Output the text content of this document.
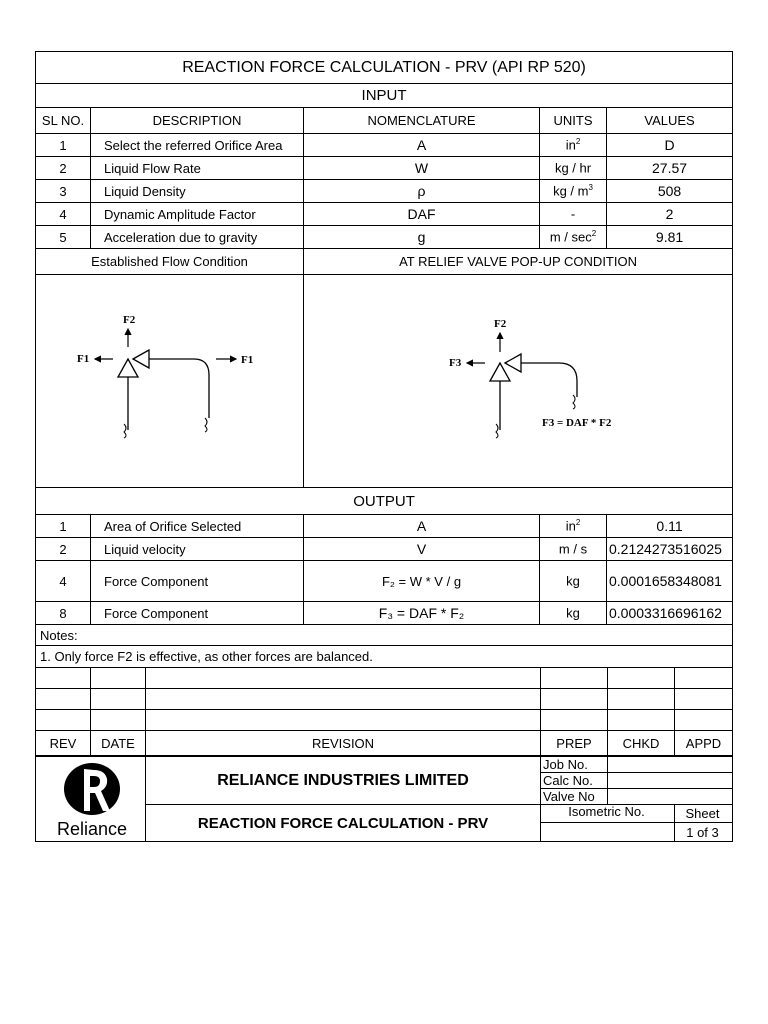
REACTION FORCE CALCULATION - PRV (API RP 520)				
INPUT				
SL NO.	DESCRIPTION	NOMENCLATURE	UNITS	VALUES
1	Select the referred Orifice Area	A	$in^2$	D
2	Liquid Flow Rate	W	kg / hr	27.57
3	Liquid Density	ρ	kg / $m^3$	508
4	Dynamic Amplitude Factor	DAF	-	2
5	Acceleration due to gravity	g	m / $\sec^2$	9.81
Established Flow Condition		AT RELIEF VALVE POP-UP CONDITION		

F2
F1 F1		F2
F3
F3 = DAF * F2		

OUTPUT				
1	Area of Orifice Selected	A	$in^2$	0.11
2	Liquid velocity	V	m / s	0.2124273516025
4	Force Component	F₂ = W * V / g	kg	0.0001658348081
8	Force Component	F₃ = DAF * F₂	kg	0.0003316696162
Notes:				
1. Only force F2 is effective, as other forces are balanced.				

REV	DATE	REVISION	PREP	CHKD	APPD
Reliance	RELIANCE INDUSTRIES LIMITED	Job No.		
		Calc No.		
		Valve No		
	REACTION FORCE CALCULATION - PRV	Isometric No.		Sheet
				1 of 3
